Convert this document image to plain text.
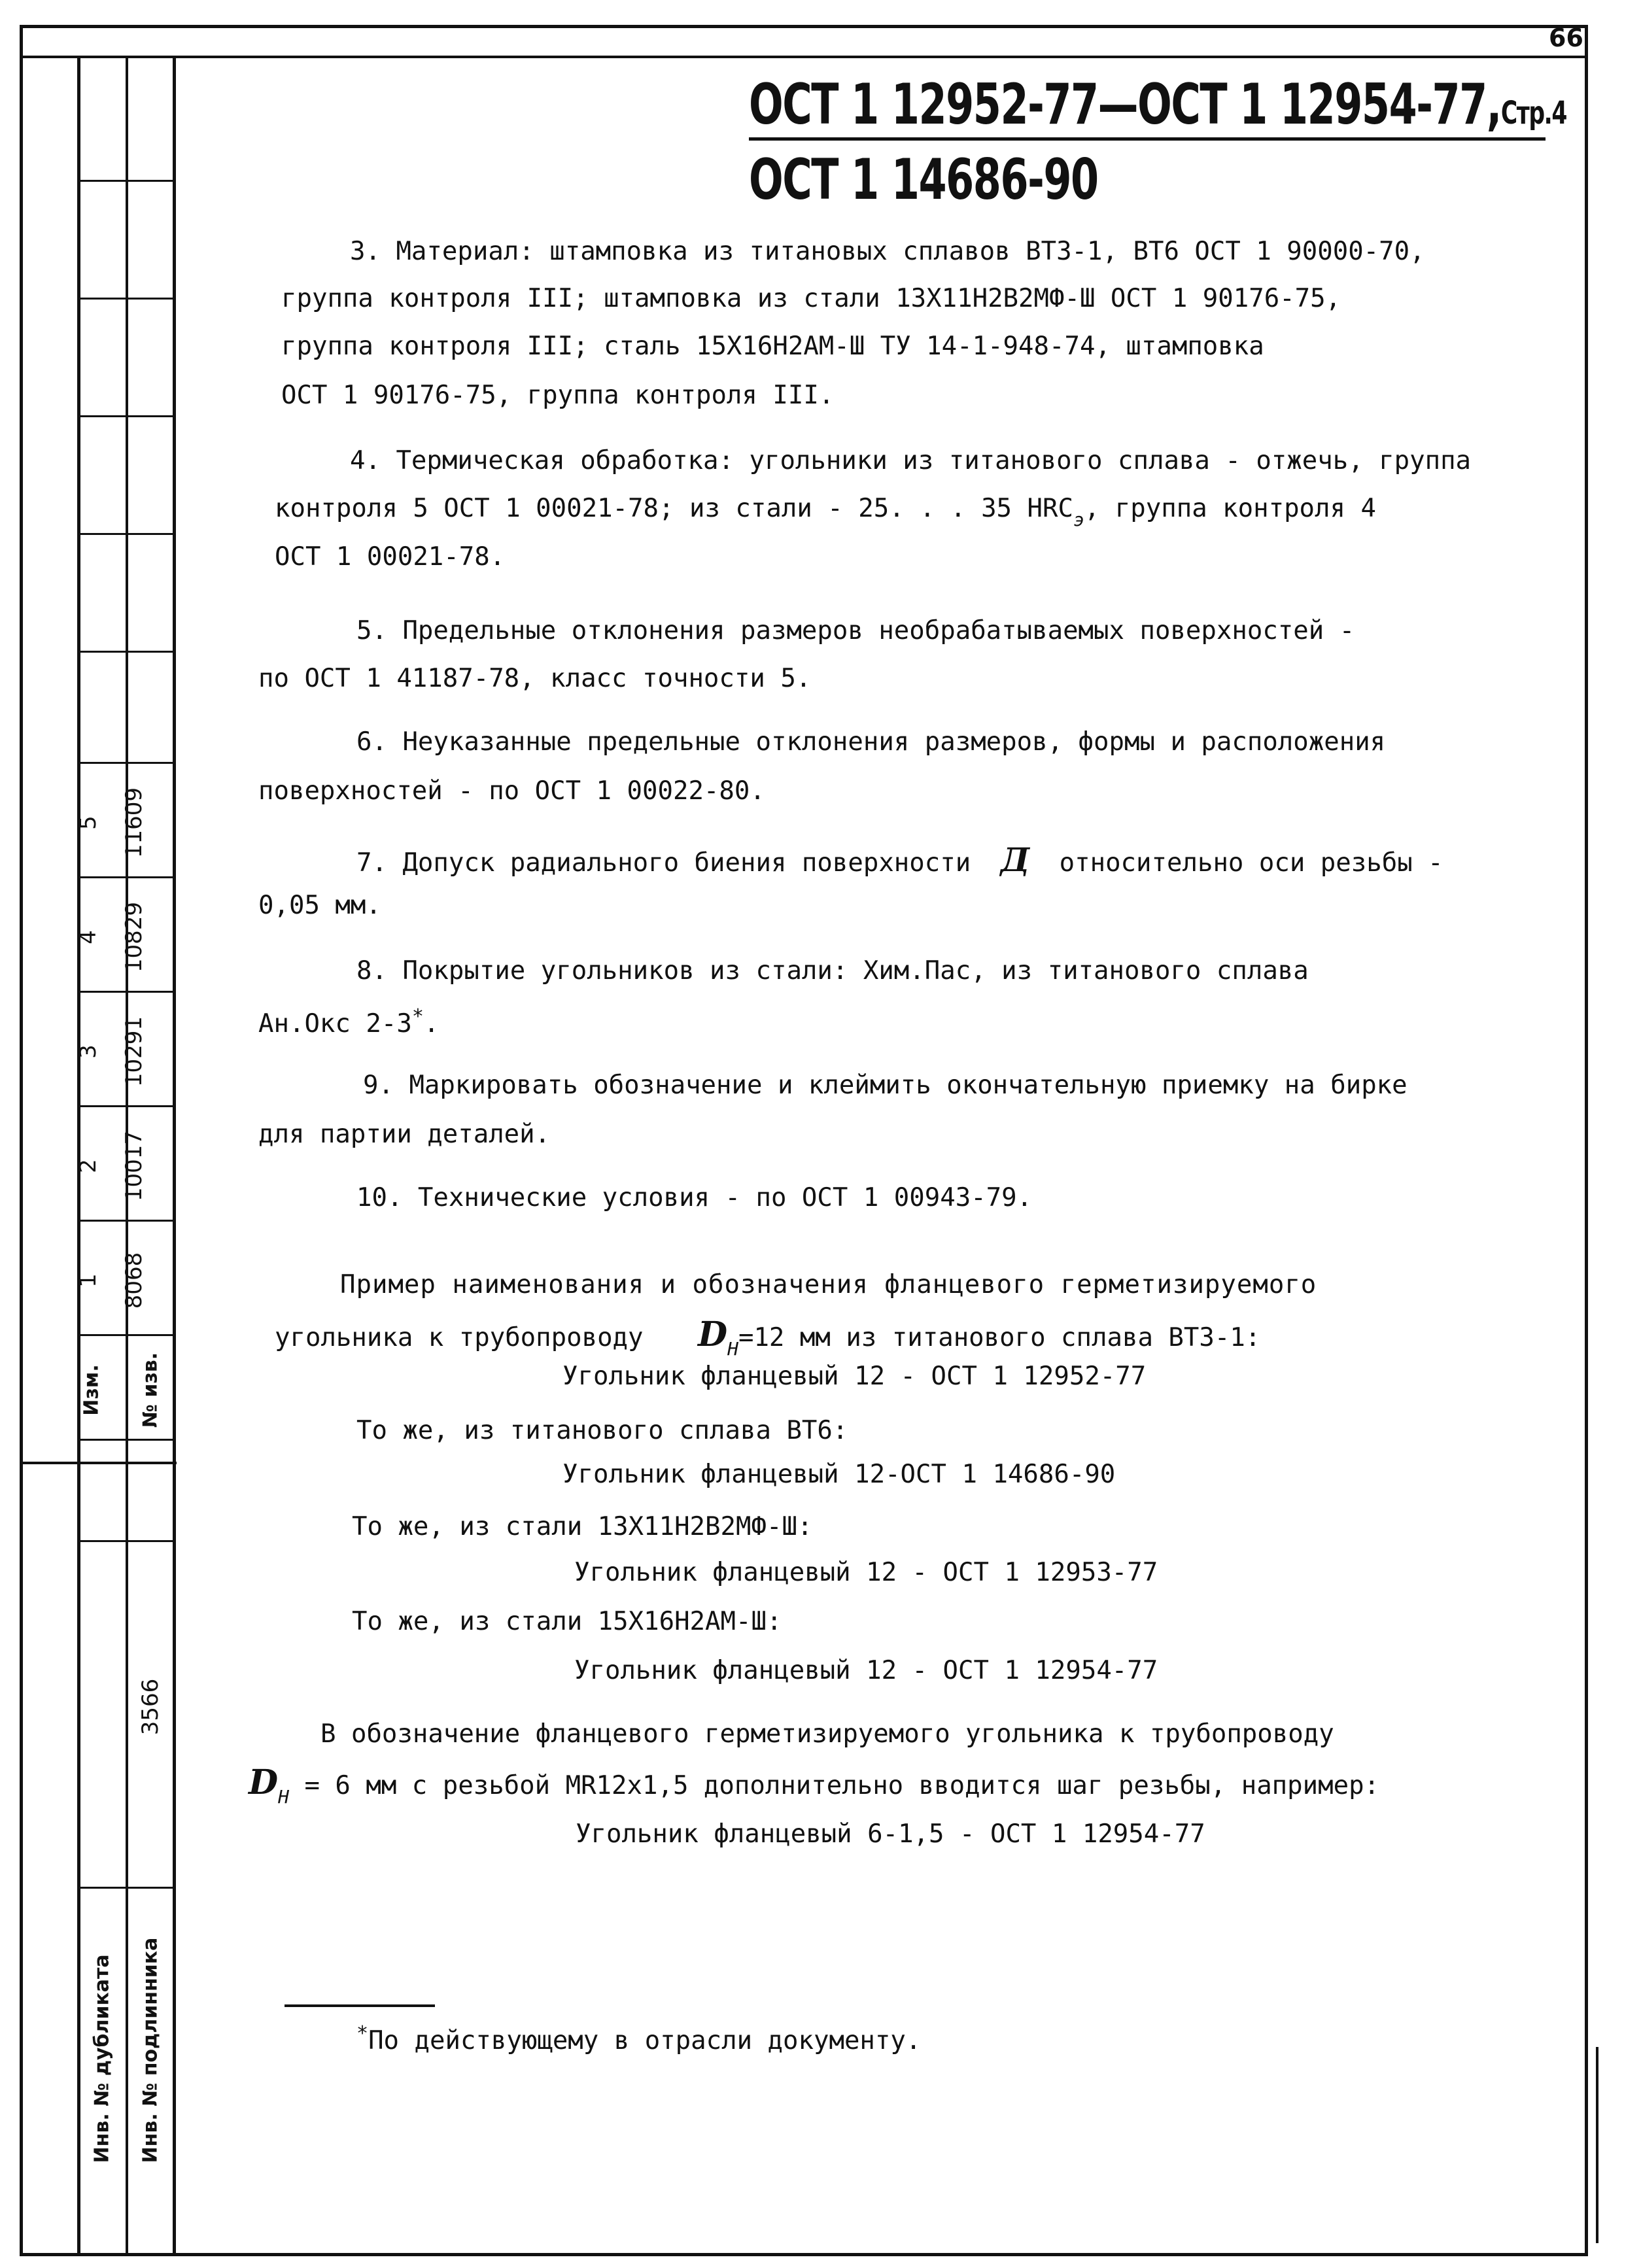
11609
5
10829
4
10291
3
10017
2
8068
1
Изм. № изв.
3566
Инв. № дубликата Инв. № подлинника
66
ОСТ 1 12952-77—ОСТ 1 12954-77,Стр.4
ОСТ 1 14686-90
3. Материал: штамповка из титановых сплавов ВТ3-1, ВТ6 ОСТ 1 90000-70,
группа контроля III; штамповка из стали 13Х11Н2В2МФ-Ш ОСТ 1 90176-75,
группа контроля III; сталь 15Х16Н2АМ-Ш ТУ 14-1-948-74, штамповка
ОСТ 1 90176-75, группа контроля III.
4. Термическая обработка: угольники из титанового сплава - отжечь, группа
контроля 5 ОСТ 1 00021-78; из стали - 25. . . 35 $HRC_э$, группа контроля 4
ОСТ 1 00021-78.
5. Предельные отклонения размеров необрабатываемых поверхностей -
по ОСТ 1 41187-78, класс точности 5.
6. Неуказанные предельные отклонения размеров, формы и расположения
поверхностей - по ОСТ 1 00022-80.
7. Допуск радиального биения поверхности Д относительно оси резьбы -
0,05 мм.
8. Покрытие угольников из стали: Хим.Пас, из титанового сплава
Ан.Окс 2-3*.
9. Маркировать обозначение и клеймить окончательную приемку на бирке
для партии деталей.
10. Технические условия - по ОСТ 1 00943-79.
Пример наименования и обозначения фланцевого герметизируемого
угольника к трубопроводу $D_Н=12$ мм из титанового сплава ВТ3-1:
Угольник фланцевый 12 - ОСТ 1 12952-77
То же, из титанового сплава ВТ6:
Угольник фланцевый 12-ОСТ 1 14686-90
То же, из стали 13Х11Н2В2МФ-Ш:
Угольник фланцевый 12 - ОСТ 1 12953-77
То же, из стали 15Х16Н2АМ-Ш:
Угольник фланцевый 12 - ОСТ 1 12954-77
В обозначение фланцевого герметизируемого угольника к трубопроводу
$D_Н = 6$ мм с резьбой MR12x1,5 дополнительно вводится шаг резьбы, например:
Угольник фланцевый 6-1,5 - ОСТ 1 12954-77
*По действующему в отрасли документу.
